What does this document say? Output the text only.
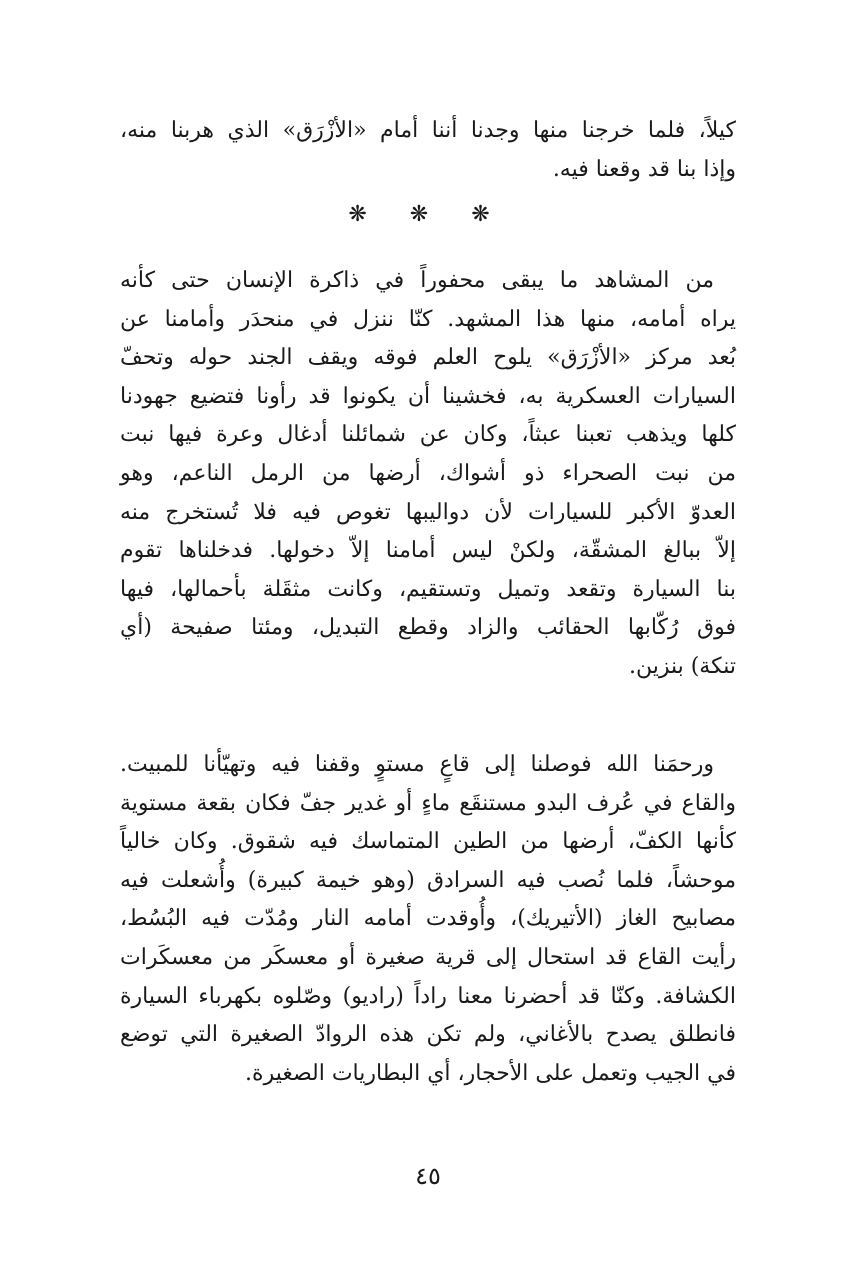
كيلاً، فلما خرجنا منها وجدنا أننا أمام «الأزْرَق» الذي هربنا منه،
وإذا بنا قد وقعنا فيه.
❋ ❋ ❋
من المشاهد ما يبقى محفوراً في ذاكرة الإنسان حتى كأنه
يراه أمامه، منها هذا المشهد. كنّا ننزل في منحدَر وأمامنا عن
بُعد مركز «الأزْرَق» يلوح العلم فوقه ويقف الجند حوله وتحفّ
السيارات العسكرية به، فخشينا أن يكونوا قد رأونا فتضيع جهودنا
كلها ويذهب تعبنا عبثاً، وكان عن شمائلنا أدغال وعرة فيها نبت
من نبت الصحراء ذو أشواك، أرضها من الرمل الناعم، وهو
العدوّ الأكبر للسيارات لأن دواليبها تغوص فيه فلا تُستخرج منه
إلاّ ببالغ المشقّة، ولكنْ ليس أمامنا إلاّ دخولها. فدخلناها تقوم
بنا السيارة وتقعد وتميل وتستقيم، وكانت مثقَلة بأحمالها، فيها
فوق رُكّابها الحقائب والزاد وقطع التبديل، ومئتا صفيحة (أي
تنكة) بنزين.
ورحمَنا الله فوصلنا إلى قاعٍ مستوٍ وقفنا فيه وتهيّأنا للمبيت.
والقاع في عُرف البدو مستنقَع ماءٍ أو غدير جفّ فكان بقعة مستوية
كأنها الكفّ، أرضها من الطين المتماسك فيه شقوق. وكان خالياً
موحشاً، فلما نُصب فيه السرادق (وهو خيمة كبيرة) وأُشعلت فيه
مصابيح الغاز (الأتيريك)، وأُوقدت أمامه النار ومُدّت فيه البُسُط،
رأيت القاع قد استحال إلى قرية صغيرة أو معسكَر من معسكَرات
الكشافة. وكنّا قد أحضرنا معنا راداً (راديو) وصّلوه بكهرباء السيارة
فانطلق يصدح بالأغاني، ولم تكن هذه الروادّ الصغيرة التي توضع
في الجيب وتعمل على الأحجار، أي البطاريات الصغيرة.
٤٥
